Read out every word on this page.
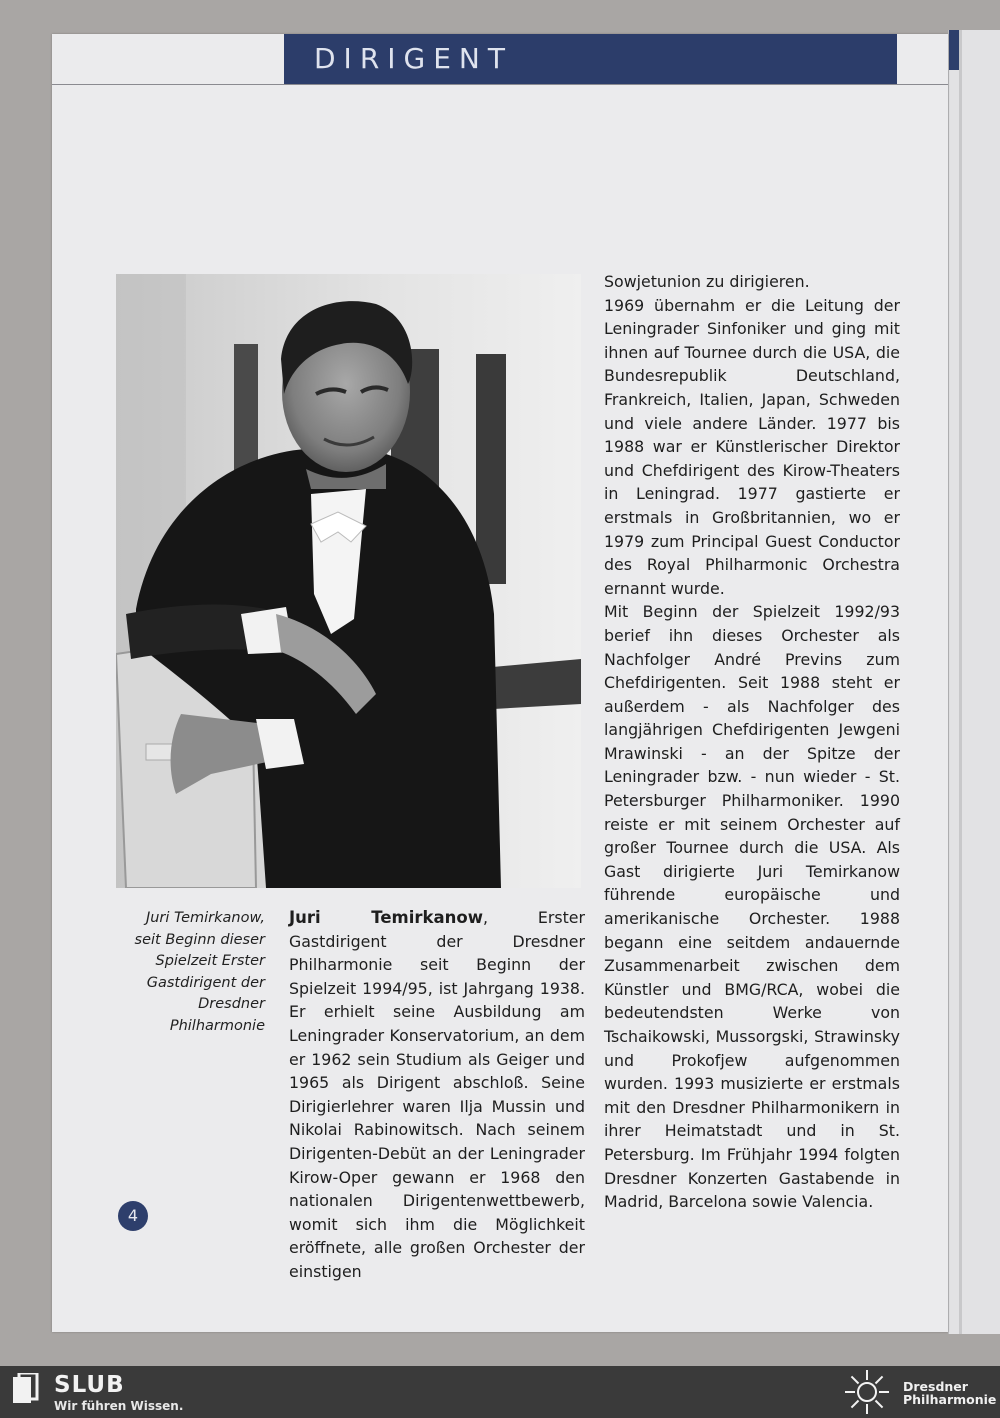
DIRIGENT
Juri Temirkanow,
seit Beginn dieser
Spielzeit Erster
Gastdirigent der
Dresdner
Philharmonie

Juri Temirkanow, Erster Gastdirigent der Dresdner Philharmonie seit Beginn der Spielzeit 1994/95, ist Jahrgang 1938. Er erhielt seine Ausbildung am Leningrader Konservatorium, an dem er 1962 sein Studium als Geiger und 1965 als Dirigent abschloß. Seine Dirigierlehrer waren Ilja Mussin und Nikolai Rabinowitsch. Nach seinem Dirigenten-Debüt an der Leningrader Kirow-Oper gewann er 1968 den nationalen Dirigentenwettbewerb, womit sich ihm die Möglichkeit eröffnete, alle großen Orchester der einstigen

Sowjetunion zu dirigieren.

1969 übernahm er die Leitung der Leningrader Sinfoniker und ging mit ihnen auf Tournee durch die USA, die Bundesrepublik Deutschland, Frankreich, Italien, Japan, Schweden und viele andere Länder. 1977 bis 1988 war er Künstlerischer Direktor und Chefdirigent des Kirow-Theaters in Leningrad. 1977 gastierte er erstmals in Großbritannien, wo er 1979 zum Principal Guest Conductor des Royal Philharmonic Orchestra ernannt wurde.

Mit Beginn der Spielzeit 1992/93 berief ihn dieses Orchester als Nachfolger André Previns zum Chefdirigenten. Seit 1988 steht er außerdem - als Nachfolger des langjährigen Chefdirigenten Jewgeni Mrawinski - an der Spitze der Leningrader bzw. - nun wieder - St. Petersburger Philharmoniker. 1990 reiste er mit seinem Orchester auf großer Tournee durch die USA. Als Gast dirigierte Juri Temirkanow führende europäische und amerikanische Orchester. 1988 begann eine seitdem andauernde Zusammenarbeit zwischen dem Künstler und BMG/RCA, wobei die bedeutendsten Werke von Tschaikowski, Mussorgski, Strawinsky und Prokofjew aufgenommen wurden. 1993 musizierte er erstmals mit den Dresdner Philharmonikern in ihrer Heimatstadt und in St. Petersburg. Im Frühjahr 1994 folgten Dresdner Konzerten Gastabende in Madrid, Barcelona sowie Valencia.

4
SLUB
Wir führen Wissen.
Dresdner
Philharmonie
